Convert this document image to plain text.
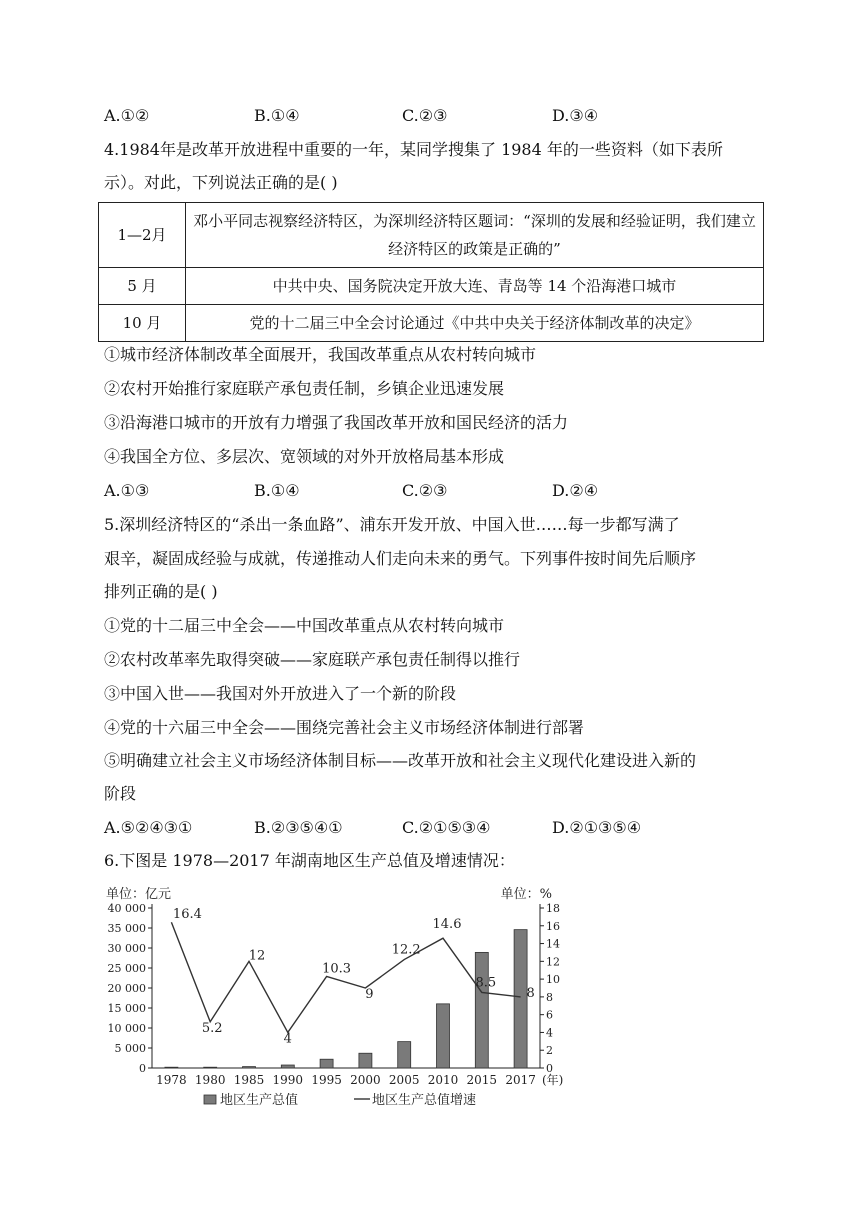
A.①②	B.①④	C.②③	D.③④
4.1984年是改革开放进程中重要的一年，某同学搜集了 1984 年的一些资料（如下表所
示）。对此，下列说法正确的是( )
1—2月	邓小平同志视察经济特区，为深圳经济特区题词：“深圳的发展和经验证明，我们建立经济特区的政策是正确的”
5 月	中共中央、国务院决定开放大连、青岛等 14 个沿海港口城市
10 月	党的十二届三中全会讨论通过《中共中央关于经济体制改革的决定》
①城市经济体制改革全面展开，我国改革重点从农村转向城市
②农村开始推行家庭联产承包责任制，乡镇企业迅速发展
③沿海港口城市的开放有力增强了我国改革开放和国民经济的活力
④我国全方位、多层次、宽领域的对外开放格局基本形成
A.①③	B.①④	C.②③	D.②④
5.深圳经济特区的“杀出一条血路”、浦东开发开放、中国入世……每一步都写满了
艰辛，凝固成经验与成就，传递推动人们走向未来的勇气。下列事件按时间先后顺序
排列正确的是( )
①党的十二届三中全会——中国改革重点从农村转向城市
②农村改革率先取得突破——家庭联产承包责任制得以推行
③中国入世——我国对外开放进入了一个新的阶段
④党的十六届三中全会——围绕完善社会主义市场经济体制进行部署
⑤明确建立社会主义市场经济体制目标——改革开放和社会主义现代化建设进入新的
阶段
A.⑤②④③①	B.②③⑤④①	C.②①⑤③④	D.②①③⑤④
6.下图是 1978—2017 年湖南地区生产总值及增速情况：
0
5 000
10 000
15 000
20 000
25 000
30 000
35 000
40 000
0
2
4
6
8
10
12
14
16
18
单位：亿元	单位：%
16.4
5.2
12
4
10.3
9
12.2
14.6
8.5
8
1978 1980 1985 1990 1995 2000 2005 2010 2015 2017 (年)
地区生产总值	地区生产总值增速
